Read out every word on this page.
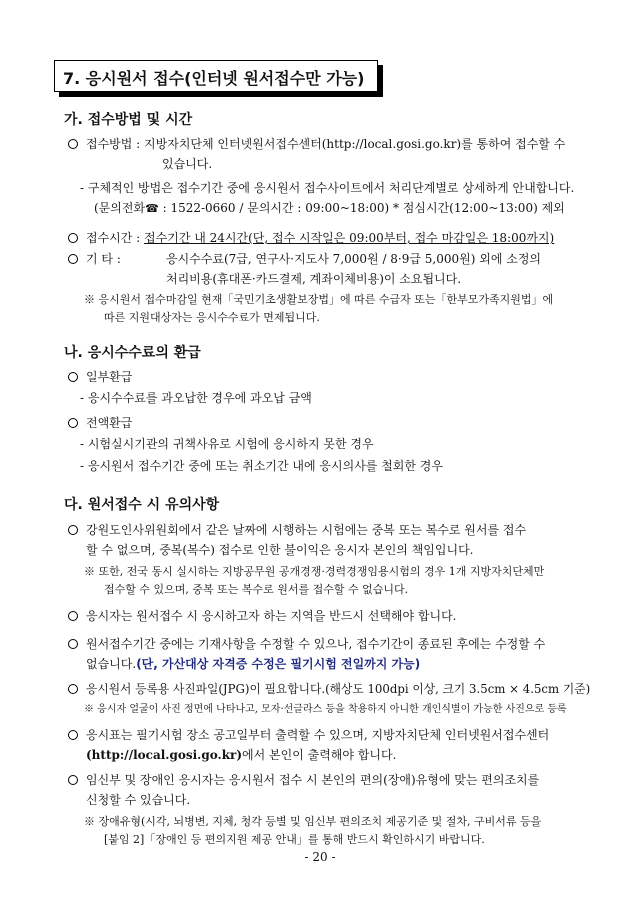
7. 응시원서 접수(인터넷 원서접수만 가능)
가. 접수방법 및 시간
접수방법 : 지방자치단체 인터넷원서접수센터(http://local.gosi.go.kr)를 통하여 접수할 수
있습니다.
- 구체적인 방법은 접수기간 중에 응시원서 접수사이트에서 처리단계별로 상세하게 안내합니다.
(문의전화☎ : 1522-0660 / 문의시간 : 09:00~18:00) * 점심시간(12:00~13:00) 제외
접수시간 : 접수기간 내 24시간(단, 접수 시작일은 09:00부터, 접수 마감일은 18:00까지)
기 타 :	응시수수료(7급, 연구사·지도사 7,000원 / 8·9급 5,000원) 외에 소정의
처리비용(휴대폰·카드결제, 계좌이체비용)이 소요됩니다.
※ 응시원서 접수마감일 현재「국민기초생활보장법」에 따른 수급자 또는「한부모가족지원법」에
따른 지원대상자는 응시수수료가 면제됩니다.
나. 응시수수료의 환급
일부환급
- 응시수수료를 과오납한 경우에 과오납 금액
전액환급
- 시험실시기관의 귀책사유로 시험에 응시하지 못한 경우
- 응시원서 접수기간 중에 또는 취소기간 내에 응시의사를 철회한 경우
다. 원서접수 시 유의사항
강원도인사위원회에서 같은 날짜에 시행하는 시험에는 중복 또는 복수로 원서를 접수
할 수 없으며, 중복(복수) 접수로 인한 불이익은 응시자 본인의 책임입니다.
※ 또한, 전국 동시 실시하는 지방공무원 공개경쟁·경력경쟁임용시험의 경우 1개 지방자치단체만
접수할 수 있으며, 중복 또는 복수로 원서를 접수할 수 없습니다.
응시자는 원서접수 시 응시하고자 하는 지역을 반드시 선택해야 합니다.
원서접수기간 중에는 기재사항을 수정할 수 있으나, 접수기간이 종료된 후에는 수정할 수
없습니다.(단, 가산대상 자격증 수정은 필기시험 전일까지 가능)
응시원서 등록용 사진파일(JPG)이 필요합니다.(해상도 100dpi 이상, 크기 3.5cm × 4.5cm 기준)
※ 응시자 얼굴이 사진 정면에 나타나고, 모자·선글라스 등을 착용하지 아니한 개인식별이 가능한 사진으로 등록
응시표는 필기시험 장소 공고일부터 출력할 수 있으며, 지방자치단체 인터넷원서접수센터
(http://local.gosi.go.kr)에서 본인이 출력해야 합니다.
임신부 및 장애인 응시자는 응시원서 접수 시 본인의 편의(장애)유형에 맞는 편의조치를
신청할 수 있습니다.
※ 장애유형(시각, 뇌병변, 지체, 청각 등별 및 임신부 편의조치 제공기준 및 절차, 구비서류 등을
[붙임 2]「장애인 등 편의지원 제공 안내」를 통해 반드시 확인하시기 바랍니다.
- 20 -
